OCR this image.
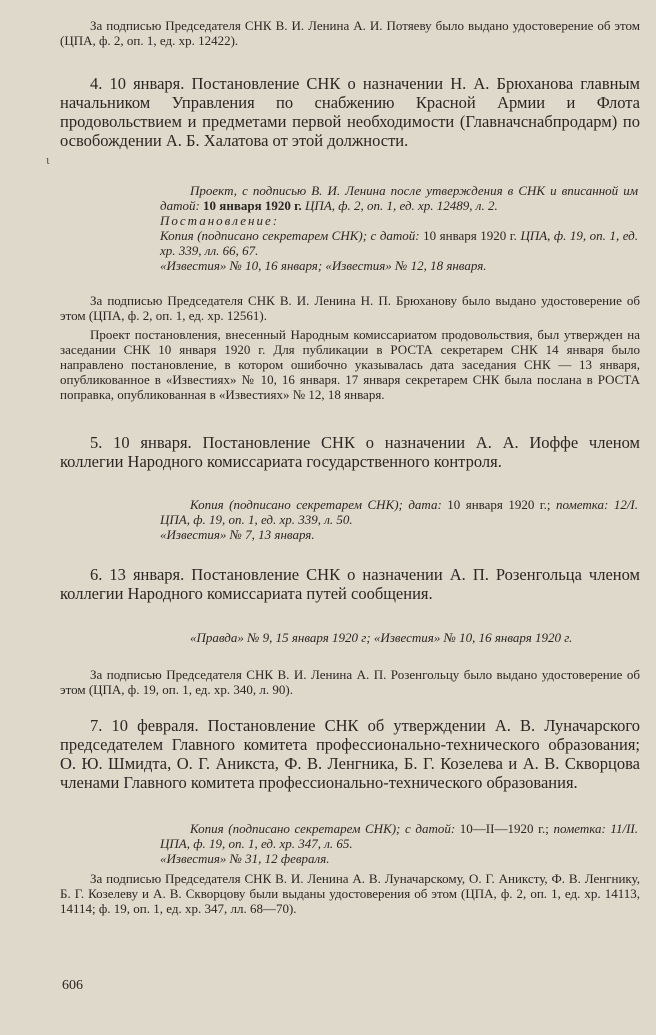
За подписью Председателя СНК В. И. Ленина А. И. Потяеву было выдано удостоверение об этом (ЦПА, ф. 2, оп. 1, ед. хр. 12422).
4. 10 января. Постановление СНК о назначении Н. А. Брюханова главным начальником Управления по снабжению Красной Армии и Флота продовольствием и предметами первой необходимости (Главначснабпродарм) по освобождении А. Б. Халатова от этой должности.
ι
Проект, с подписью В. И. Ленина после утверждения в СНК и вписанной им датой: 10 января 1920 г. ЦПА, ф. 2, оп. 1, ед. хр. 12489, л. 2.
Постановление:
Копия (подписано секретарем СНК); с датой: 10 января 1920 г. ЦПА, ф. 19, оп. 1, ед. хр. 339, лл. 66, 67.
«Известия» № 10, 16 января; «Известия» № 12, 18 января.
За подписью Председателя СНК В. И. Ленина Н. П. Брюханову было выдано удостоверение об этом (ЦПА, ф. 2, оп. 1, ед. хр. 12561).
Проект постановления, внесенный Народным комиссариатом продовольствия, был утвержден на заседании СНК 10 января 1920 г. Для публикации в РОСТА секретарем СНК 14 января было направлено постановление, в котором ошибочно указывалась дата заседания СНК — 13 января, опубликованное в «Известиях» № 10, 16 января. 17 января секретарем СНК была послана в РОСТА поправка, опубликованная в «Известиях» № 12, 18 января.
5. 10 января. Постановление СНК о назначении А. А. Иоффе членом коллегии Народного комиссариата государственного контроля.
Копия (подписано секретарем СНК); дата: 10 января 1920 г.; пометка: 12/I. ЦПА, ф. 19, оп. 1, ед. хр. 339, л. 50.
«Известия» № 7, 13 января.
6. 13 января. Постановление СНК о назначении А. П. Розенгольца членом коллегии Народного комиссариата путей сообщения.
«Правда» № 9, 15 января 1920 г; «Известия» № 10, 16 января 1920 г.
За подписью Председателя СНК В. И. Ленина А. П. Розенгольцу было выдано удостоверение об этом (ЦПА, ф. 19, оп. 1, ед. хр. 340, л. 90).
7. 10 февраля. Постановление СНК об утверждении А. В. Луначарского председателем Главного комитета профессионально-технического образования; О. Ю. Шмидта, О. Г. Аникста, Ф. В. Ленгника, Б. Г. Козелева и А. В. Скворцова членами Главного комитета профессионально-технического образования.
Копия (подписано секретарем СНК); с датой: 10—II—1920 г.; пометка: 11/II. ЦПА, ф. 19, оп. 1, ед. хр. 347, л. 65.
«Известия» № 31, 12 февраля.
За подписью Председателя СНК В. И. Ленина А. В. Луначарскому, О. Г. Аниксту, Ф. В. Ленгнику, Б. Г. Козелеву и А. В. Скворцову были выданы удостоверения об этом (ЦПА, ф. 2, оп. 1, ед. хр. 14113, 14114; ф. 19, оп. 1, ед. хр. 347, лл. 68—70).
606
